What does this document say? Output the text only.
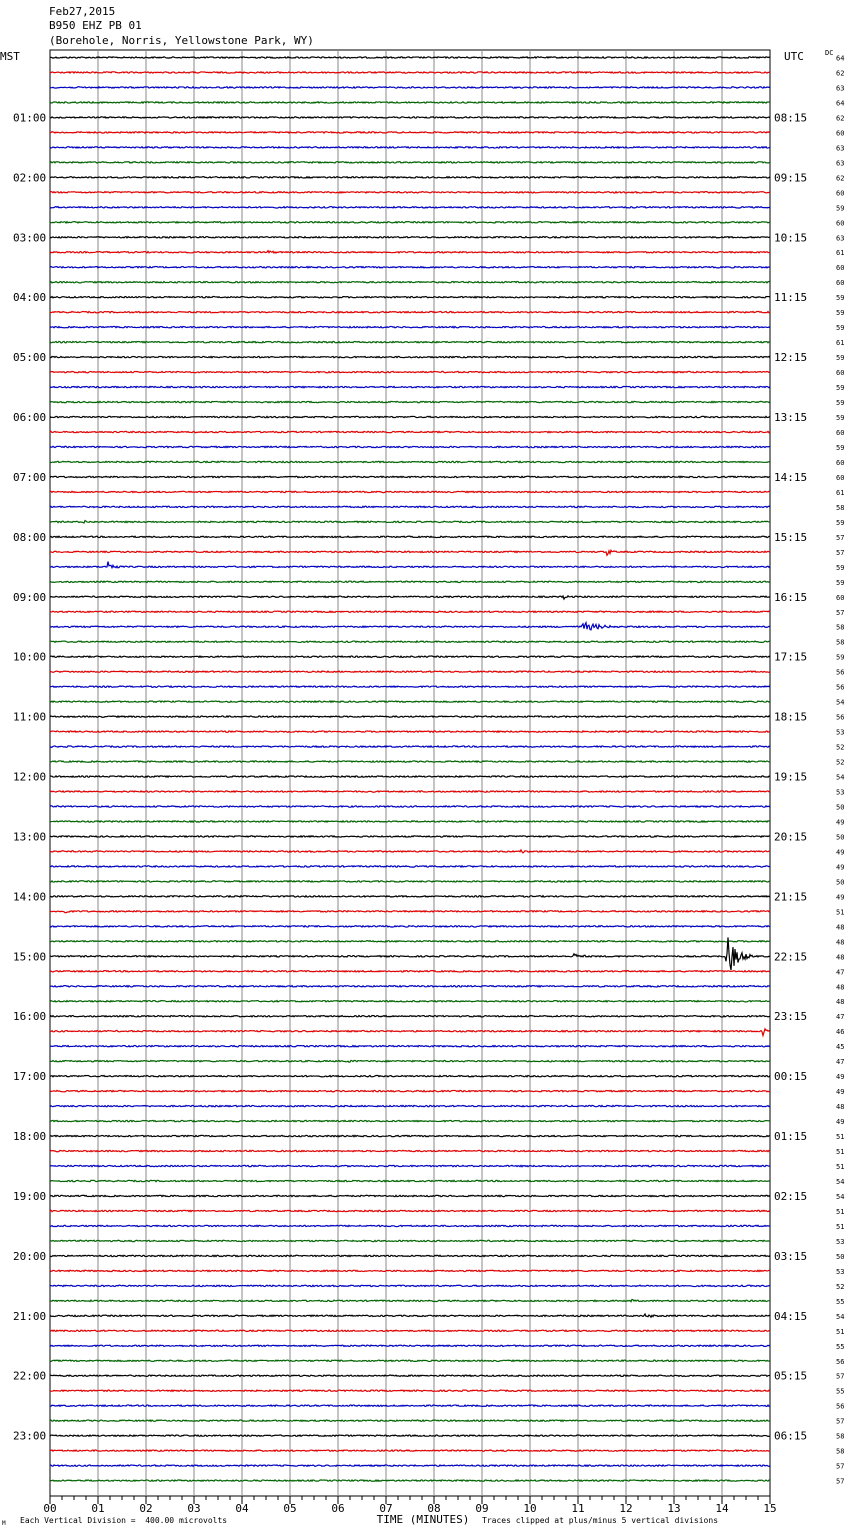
Feb27,2015
B950 EHZ PB 01
(Borehole, Norris, Yellowstone Park, WY)
MST	UTC	DC
64
62
63
64
62
60
63
63
62
60
59
60
63
61
60
60
59
59
59
61
59
60
59
59
59
60
59
60
60
61
58
59
57
57
59
59
60
57
58
58
59
56
56
54
56
53
52
52
54
53
50
49
50
49
49
50
49
51
48
48
48
47
48
48
47
46
45
47
49
49
48
49
51
51
51
54
54
51
51
53
50
53
52
55
54
51
55
56
57
55
56
57
58
58
57
57
01:00
02:00
03:00
04:00
05:00
06:00
07:00
08:00
09:00
10:00
11:00
12:00
13:00
14:00
15:00
16:00
17:00
18:00
19:00
20:00
21:00
22:00
23:00
08:15
09:15
10:15
11:15
12:15
13:15
14:15
15:15
16:15
17:15
18:15
19:15
20:15
21:15
22:15
23:15
00:15
01:15
02:15
03:15
04:15
05:15
06:15
00	01	02	03	04	05	06	07	08	09	10	11	12	13	14	15
TIME (MINUTES)
M Each Vertical Division =  400.00 microvolts	Traces clipped at plus/minus 5 vertical divisions
